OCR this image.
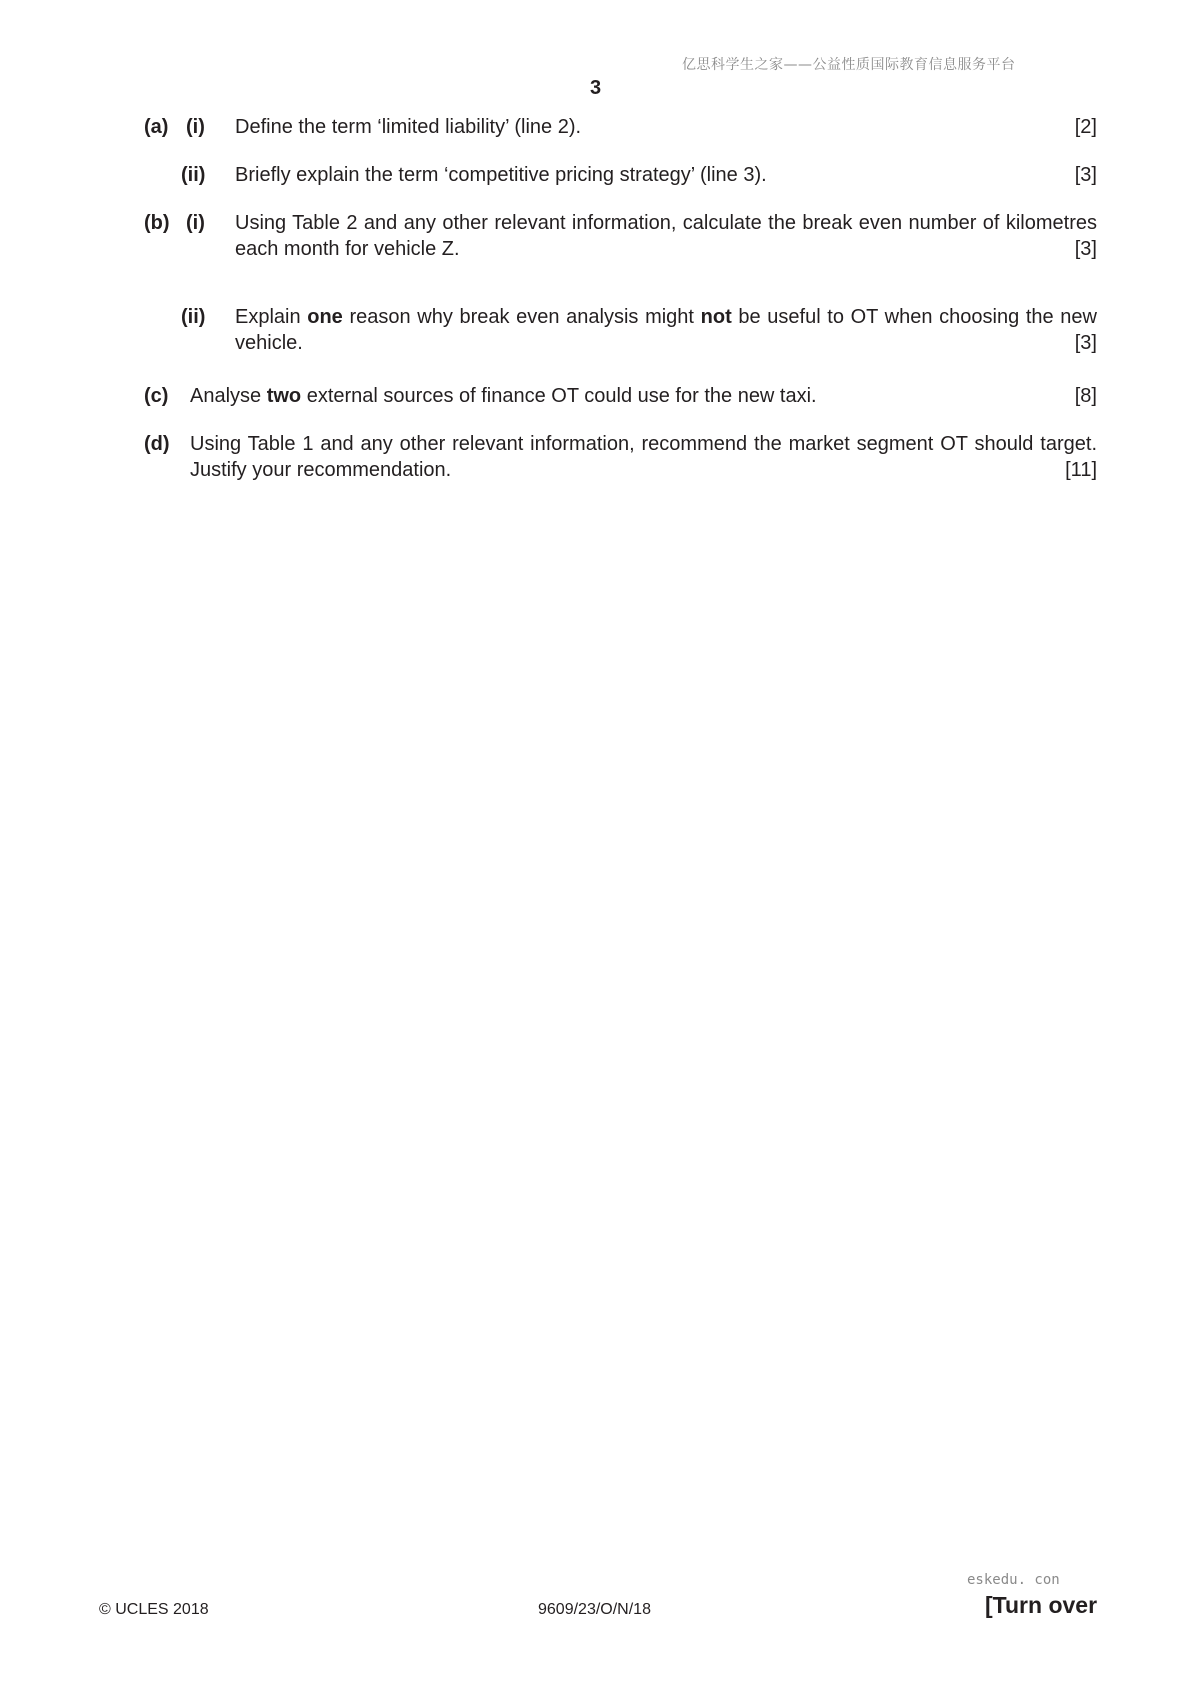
亿思科学生之家——公益性质国际教育信息服务平台
3
(a) (i) Define the term ‘limited liability’ (line 2).	[2]
(ii) Briefly explain the term ‘competitive pricing strategy’ (line 3).	[3]
(b) (i) Using Table 2 and any other relevant information, calculate the break even number of kilometres each month for vehicle Z.	[3]
(ii) Explain one reason why break even analysis might not be useful to OT when choosing the new vehicle.	[3]
(c) Analyse two external sources of finance OT could use for the new taxi.	[8]
(d) Using Table 1 and any other relevant information, recommend the market segment OT should target. Justify your recommendation.	[11]
© UCLES 2018	9609/23/O/N/18
eskedu. con
[Turn over
